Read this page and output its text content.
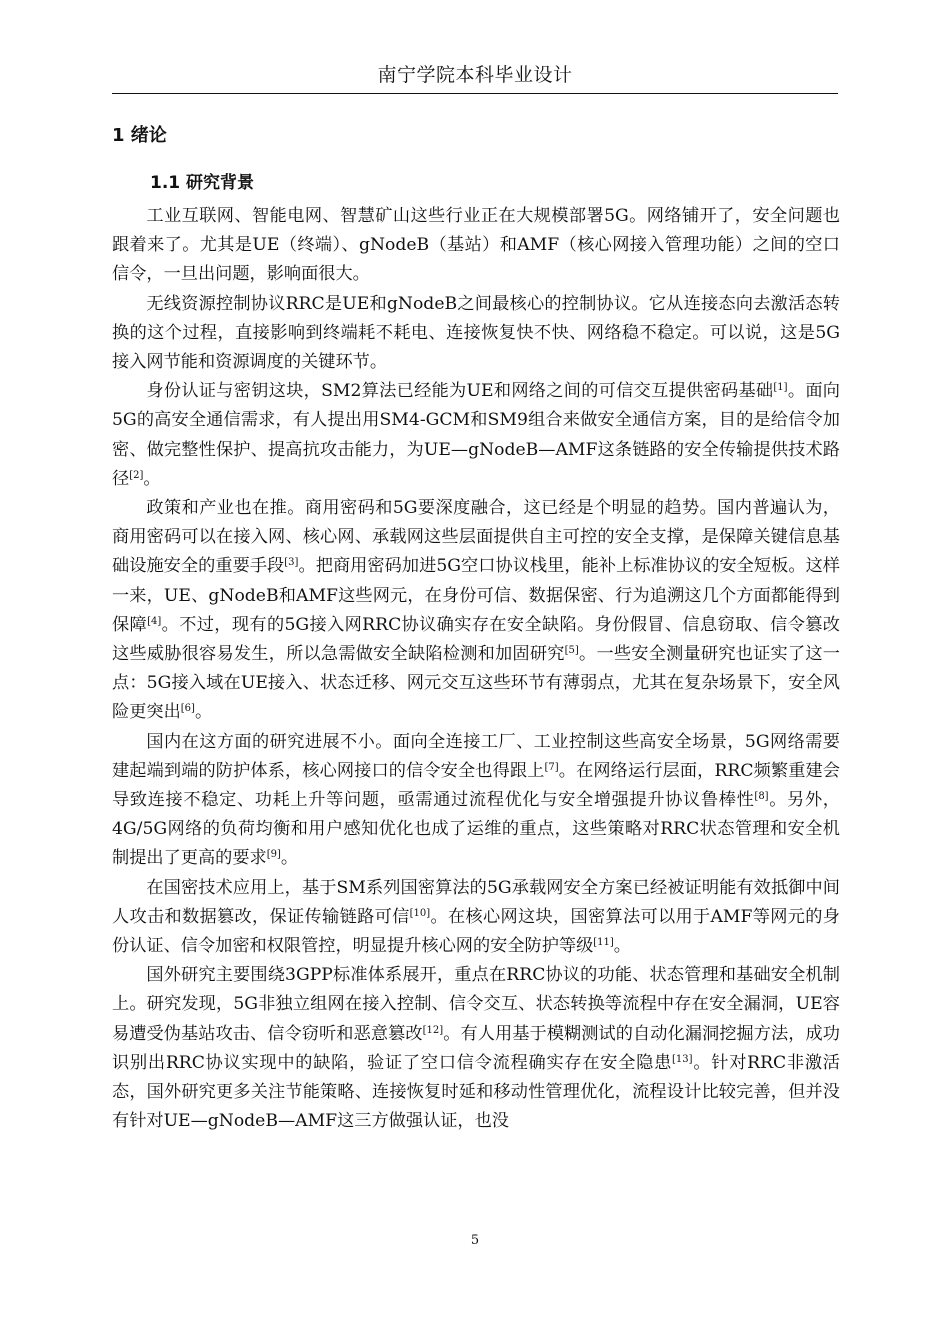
南宁学院本科毕业设计
1 绪论
1.1 研究背景

工业互联网、智能电网、智慧矿山这些行业正在大规模部署5G。网络铺开了，安全问题也跟着来了。尤其是UE（终端）、gNodeB（基站）和AMF（核心网接入管理功能）之间的空口信令，一旦出问题，影响面很大。

无线资源控制协议RRC是UE和gNodeB之间最核心的控制协议。它从连接态向去激活态转换的这个过程，直接影响到终端耗不耗电、连接恢复快不快、网络稳不稳定。可以说，这是5G接入网节能和资源调度的关键环节。

身份认证与密钥这块，SM2算法已经能为UE和网络之间的可信交互提供密码基础[1]。面向5G的高安全通信需求，有人提出用SM4-GCM和SM9组合来做安全通信方案，目的是给信令加密、做完整性保护、提高抗攻击能力，为UE—gNodeB—AMF这条链路的安全传输提供技术路径[2]。

政策和产业也在推。商用密码和5G要深度融合，这已经是个明显的趋势。国内普遍认为，商用密码可以在接入网、核心网、承载网这些层面提供自主可控的安全支撑，是保障关键信息基础设施安全的重要手段[3]。把商用密码加进5G空口协议栈里，能补上标准协议的安全短板。这样一来，UE、gNodeB和AMF这些网元，在身份可信、数据保密、行为追溯这几个方面都能得到保障[4]。不过，现有的5G接入网RRC协议确实存在安全缺陷。身份假冒、信息窃取、信令篡改这些威胁很容易发生，所以急需做安全缺陷检测和加固研究[5]。一些安全测量研究也证实了这一点：5G接入域在UE接入、状态迁移、网元交互这些环节有薄弱点，尤其在复杂场景下，安全风险更突出[6]。

国内在这方面的研究进展不小。面向全连接工厂、工业控制这些高安全场景，5G网络需要建起端到端的防护体系，核心网接口的信令安全也得跟上[7]。在网络运行层面，RRC频繁重建会导致连接不稳定、功耗上升等问题，亟需通过流程优化与安全增强提升协议鲁棒性[8]。另外，4G/5G网络的负荷均衡和用户感知优化也成了运维的重点，这些策略对RRC状态管理和安全机制提出了更高的要求[9]。

在国密技术应用上，基于SM系列国密算法的5G承载网安全方案已经被证明能有效抵御中间人攻击和数据篡改，保证传输链路可信[10]。在核心网这块，国密算法可以用于AMF等网元的身份认证、信令加密和权限管控，明显提升核心网的安全防护等级[11]。

国外研究主要围绕3GPP标准体系展开，重点在RRC协议的功能、状态管理和基础安全机制上。研究发现，5G非独立组网在接入控制、信令交互、状态转换等流程中存在安全漏洞，UE容易遭受伪基站攻击、信令窃听和恶意篡改[12]。有人用基于模糊测试的自动化漏洞挖掘方法，成功识别出RRC协议实现中的缺陷，验证了空口信令流程确实存在安全隐患[13]。针对RRC非激活态，国外研究更多关注节能策略、连接恢复时延和移动性管理优化，流程设计比较完善，但并没有针对UE—gNodeB—AMF这三方做强认证，也没

5
